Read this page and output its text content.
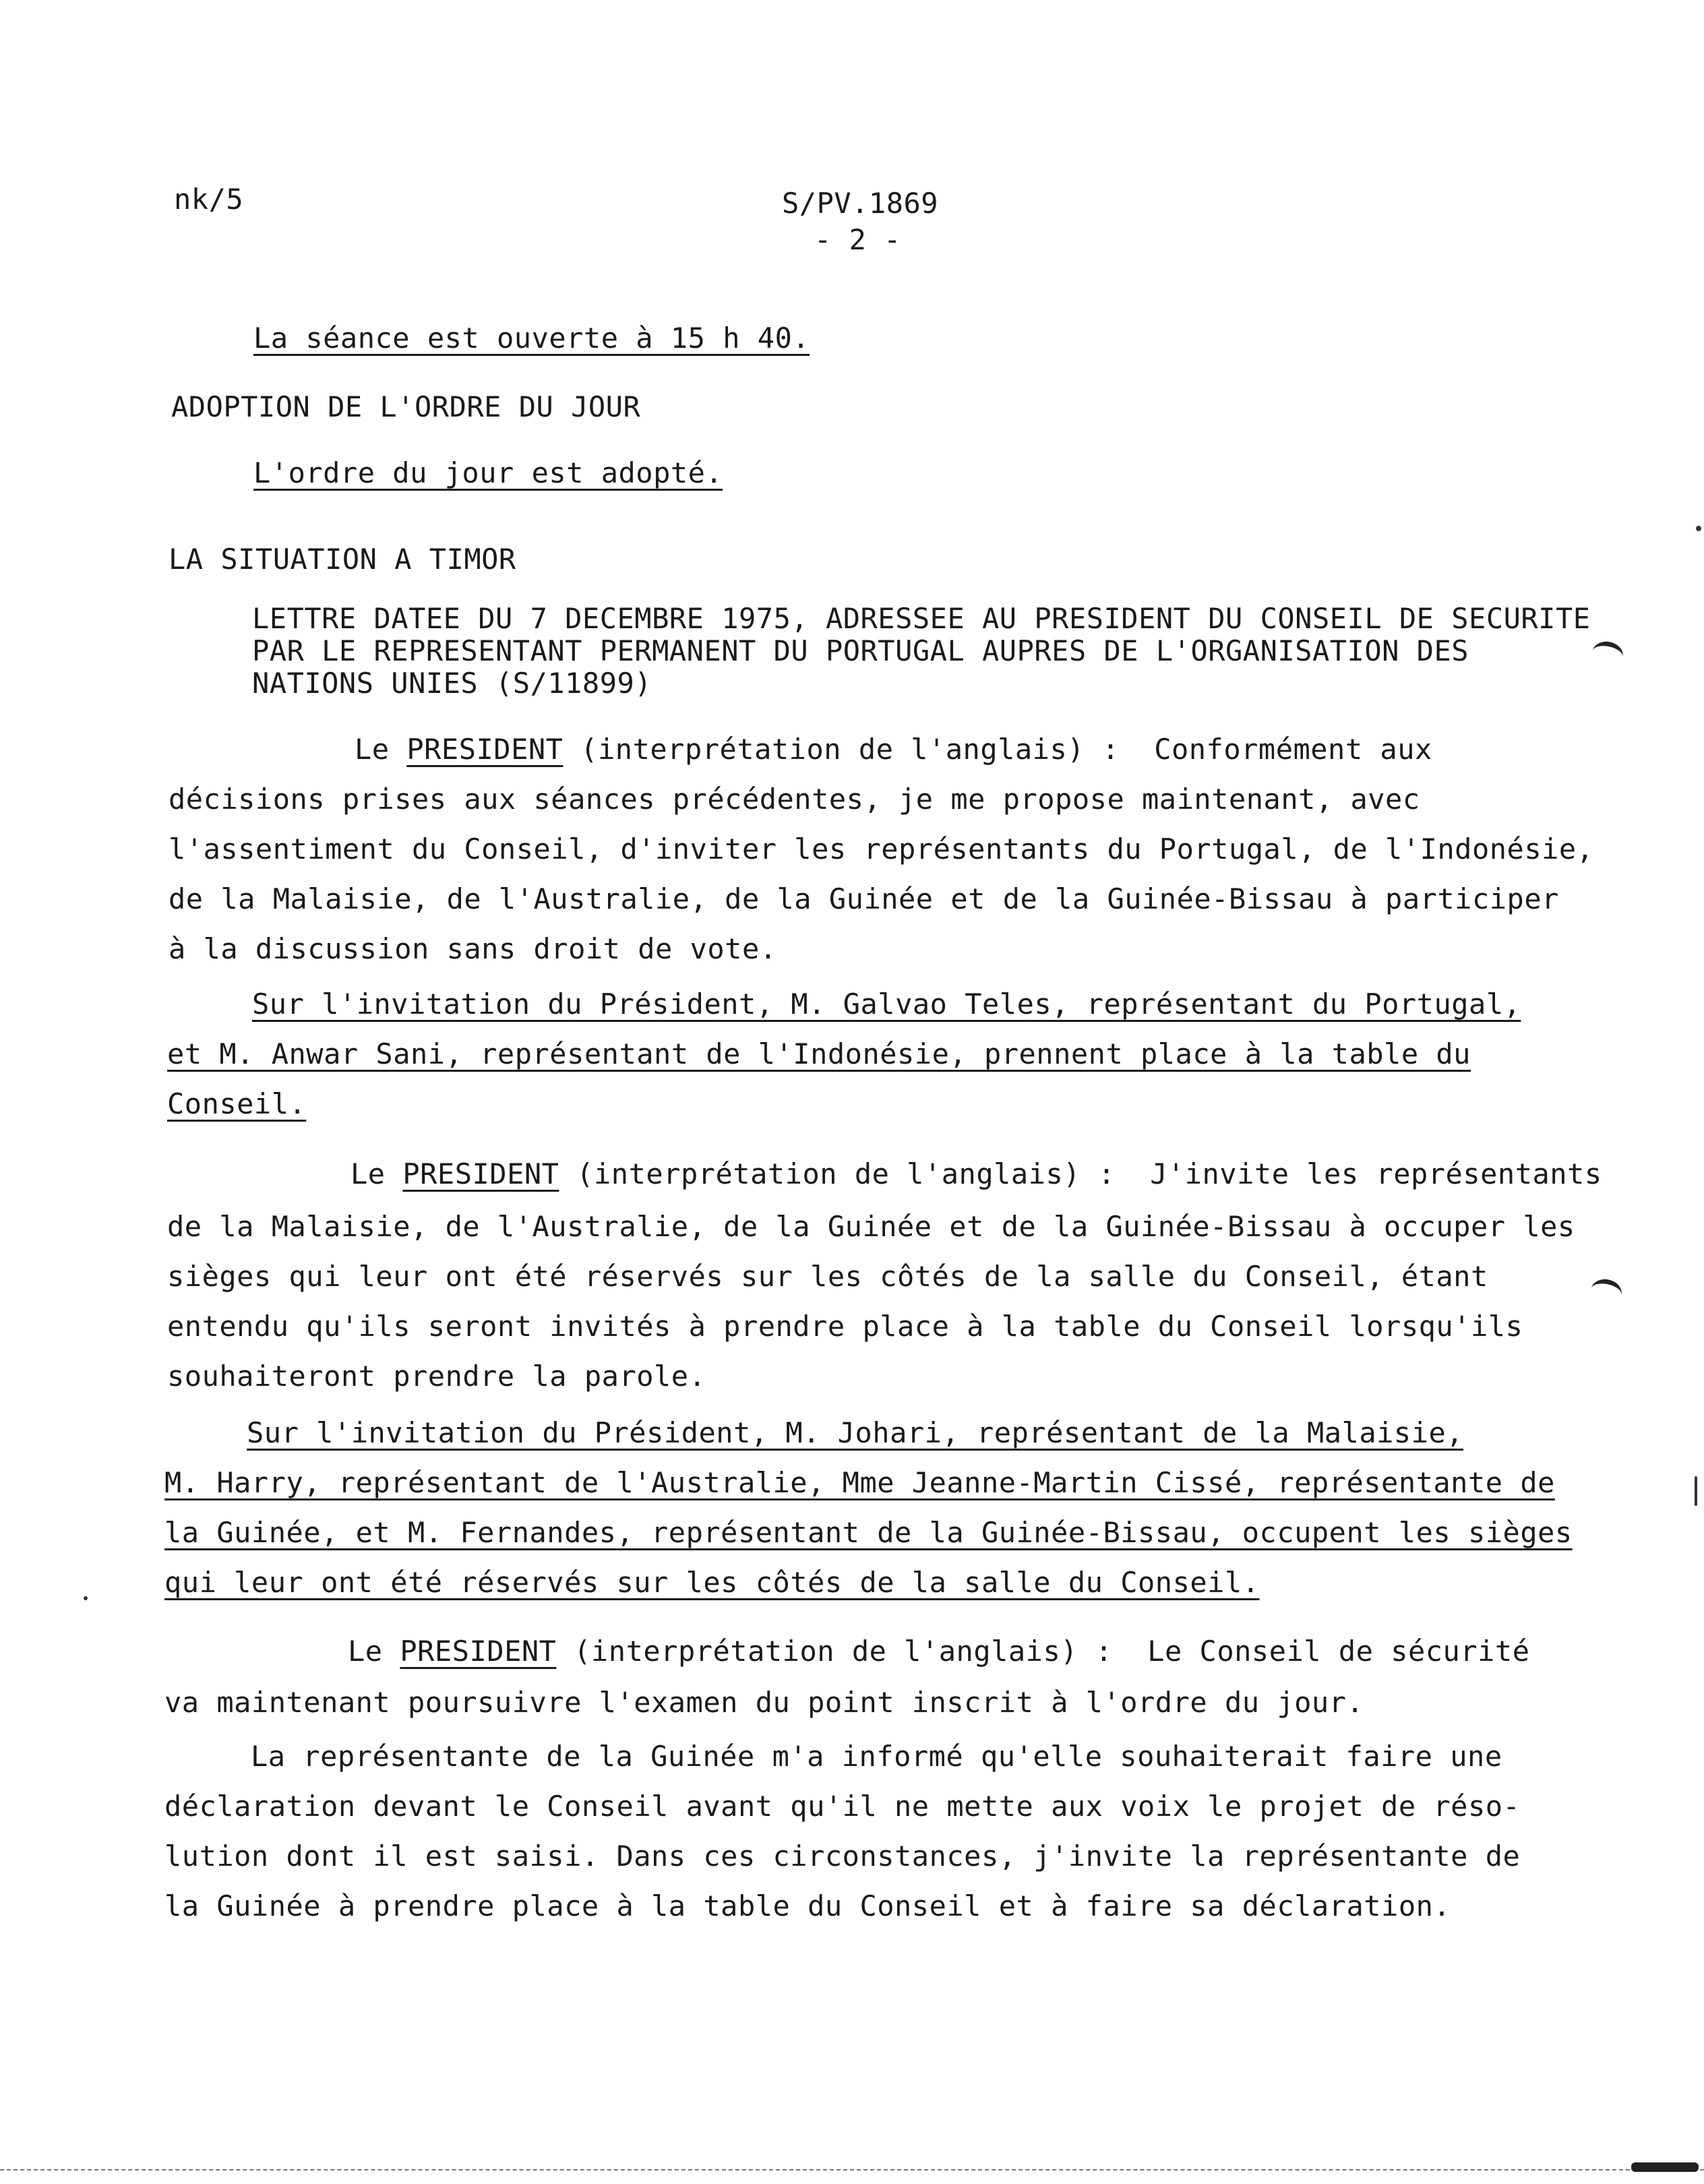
nk/5	S/PV.1869
- 2 -
La séance est ouverte à 15 h 40.
ADOPTION DE L'ORDRE DU JOUR
L'ordre du jour est adopté.
LA SITUATION A TIMOR
LETTRE DATEE DU 7 DECEMBRE 1975, ADRESSEE AU PRESIDENT DU CONSEIL DE SECURITE
PAR LE REPRESENTANT PERMANENT DU PORTUGAL AUPRES DE L'ORGANISATION DES
NATIONS UNIES (S/11899)
Le PRESIDENT (interprétation de l'anglais) : Conformément aux
décisions prises aux séances précédentes, je me propose maintenant, avec
l'assentiment du Conseil, d'inviter les représentants du Portugal, de l'Indonésie,
de la Malaisie, de l'Australie, de la Guinée et de la Guinée-Bissau à participer
à la discussion sans droit de vote.
Sur l'invitation du Président, M. Galvao Teles, représentant du Portugal,
et M. Anwar Sani, représentant de l'Indonésie, prennent place à la table du
Conseil.
Le PRESIDENT (interprétation de l'anglais) : J'invite les représentants
de la Malaisie, de l'Australie, de la Guinée et de la Guinée-Bissau à occuper les
sièges qui leur ont été réservés sur les côtés de la salle du Conseil, étant
entendu qu'ils seront invités à prendre place à la table du Conseil lorsqu'ils
souhaiteront prendre la parole.
Sur l'invitation du Président, M. Johari, représentant de la Malaisie,
M. Harry, représentant de l'Australie, Mme Jeanne-Martin Cissé, représentante de
la Guinée, et M. Fernandes, représentant de la Guinée-Bissau, occupent les sièges
qui leur ont été réservés sur les côtés de la salle du Conseil.
Le PRESIDENT (interprétation de l'anglais) : Le Conseil de sécurité
va maintenant poursuivre l'examen du point inscrit à l'ordre du jour.
La représentante de la Guinée m'a informé qu'elle souhaiterait faire une
déclaration devant le Conseil avant qu'il ne mette aux voix le projet de réso-
lution dont il est saisi. Dans ces circonstances, j'invite la représentante de
la Guinée à prendre place à la table du Conseil et à faire sa déclaration.
